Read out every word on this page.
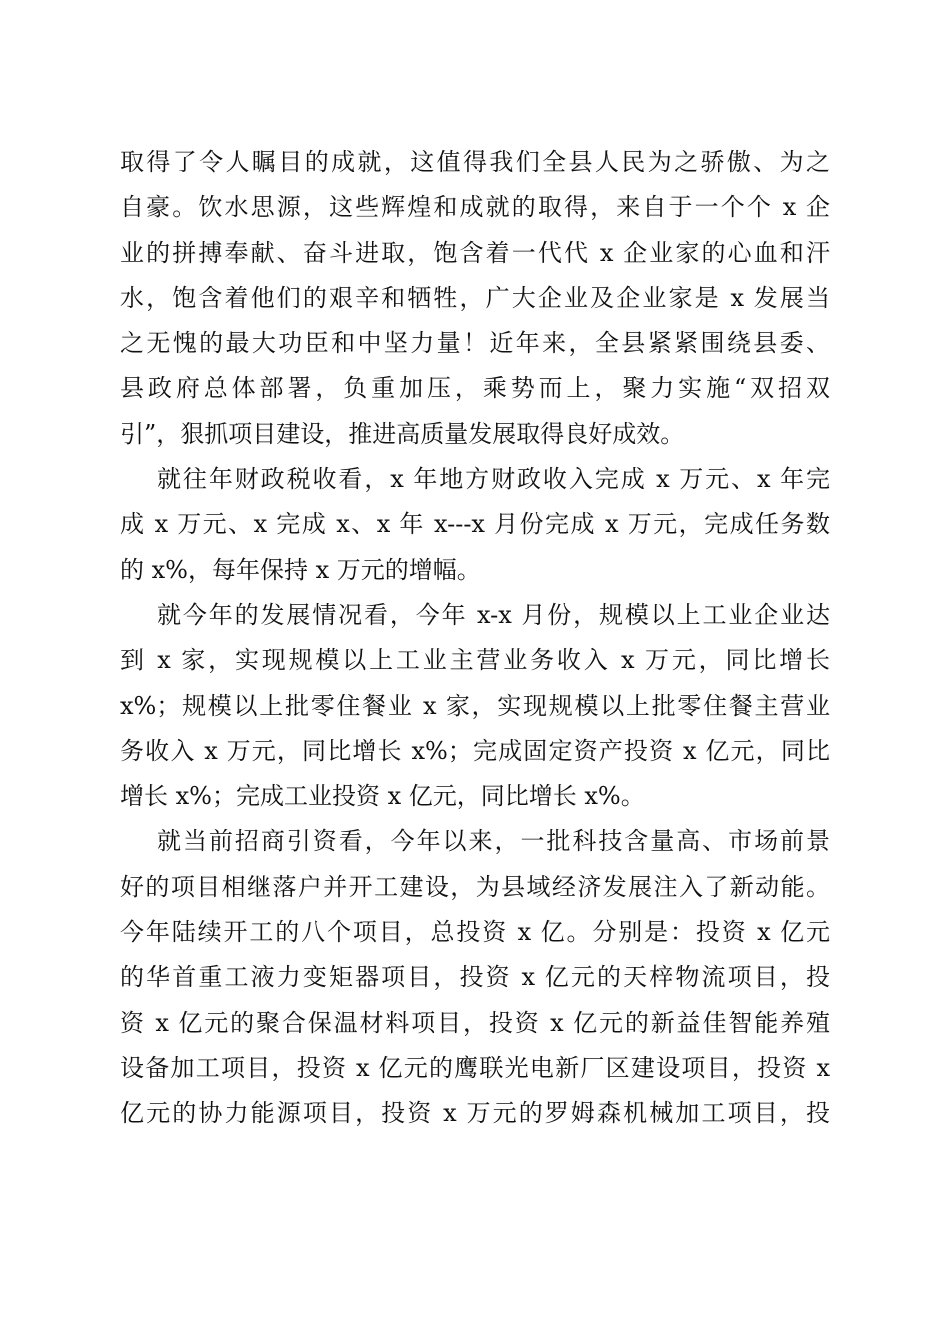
取得了令人瞩目的成就，这值得我们全县人民为之骄傲、为之
自豪。饮水思源，这些辉煌和成就的取得，来自于一个个 x 企
业的拼搏奉献、奋斗进取，饱含着一代代 x 企业家的心血和汗
水，饱含着他们的艰辛和牺牲，广大企业及企业家是 x 发展当
之无愧的最大功臣和中坚力量！近年来，全县紧紧围绕县委、
县政府总体部署，负重加压，乘势而上，聚力实施“双招双
引”，狠抓项目建设，推进高质量发展取得良好成效。
就往年财政税收看，x 年地方财政收入完成 x 万元、x 年完
成 x 万元、x 完成 x、x 年 x---x 月份完成 x 万元，完成任务数
的 x%，每年保持 x 万元的增幅。
就今年的发展情况看，今年 x-x 月份，规模以上工业企业达
到 x 家，实现规模以上工业主营业务收入 x 万元，同比增长
x%；规模以上批零住餐业 x 家，实现规模以上批零住餐主营业
务收入 x 万元，同比增长 x%；完成固定资产投资 x 亿元，同比
增长 x%；完成工业投资 x 亿元，同比增长 x%。
就当前招商引资看，今年以来，一批科技含量高、市场前景
好的项目相继落户并开工建设，为县域经济发展注入了新动能。
今年陆续开工的八个项目，总投资 x 亿。分别是：投资 x 亿元
的华首重工液力变矩器项目，投资 x 亿元的天梓物流项目，投
资 x 亿元的聚合保温材料项目，投资 x 亿元的新益佳智能养殖
设备加工项目，投资 x 亿元的鹰联光电新厂区建设项目，投资 x
亿元的协力能源项目，投资 x 万元的罗姆森机械加工项目，投
